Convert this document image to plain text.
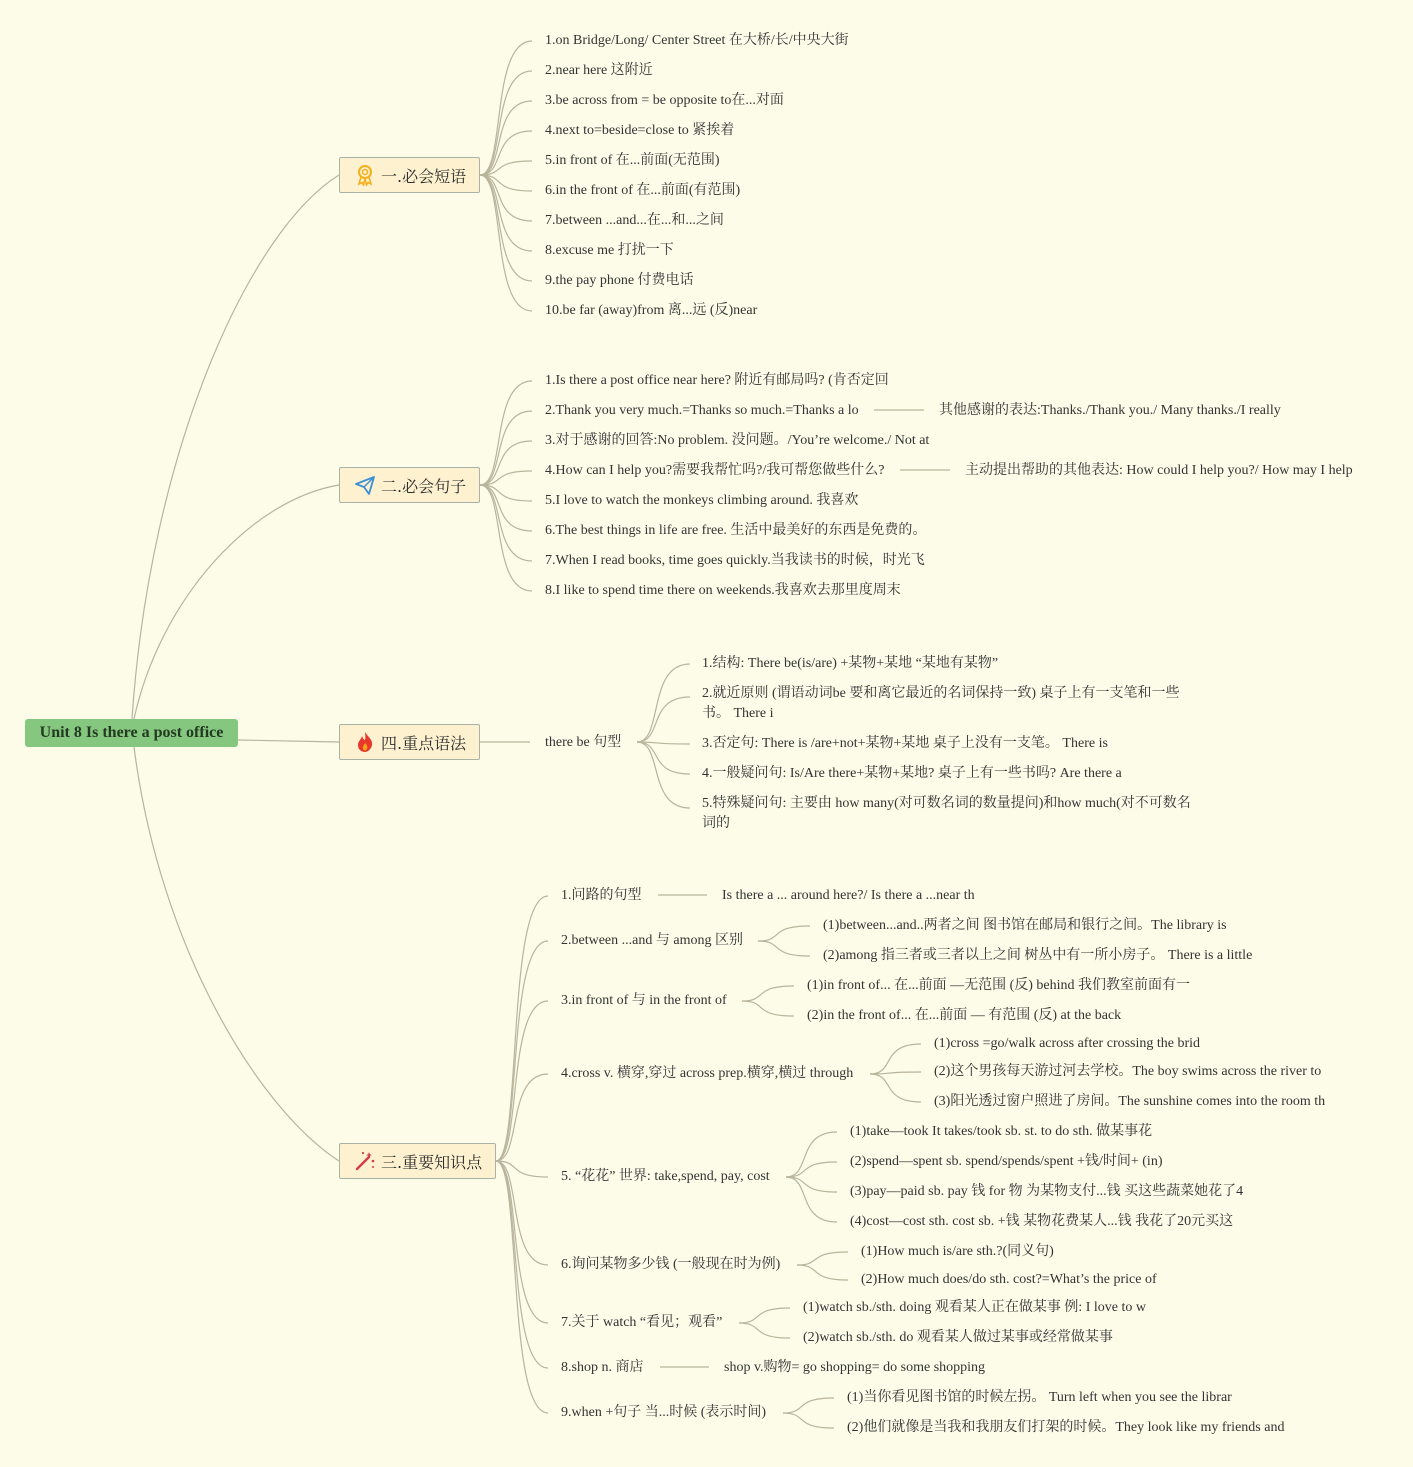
Unit 8 Is there a post office
一.必会短语
二.必会句子
四.重点语法
三.重要知识点
1.on Bridge/Long/ Center Street 在大桥/长/中央大街
2.near here 这附近
3.be across from = be opposite to在...对面
4.next to=beside=close to 紧挨着
5.in front of 在...前面(无范围)
6.in the front of 在...前面(有范围)
7.between ...and...在...和...之间
8.excuse me 打扰一下
9.the pay phone 付费电话
10.be far (away)from 离...远 (反)near
1.Is there a post office near here? 附近有邮局吗? (肯否定回
2.Thank you very much.=Thanks so much.=Thanks a lo
3.对于感谢的回答:No problem. 没问题。/You’re welcome./ Not at
4.How can I help you?需要我帮忙吗?/我可帮您做些什么?
5.I love to watch the monkeys climbing around. 我喜欢
6.The best things in life are free. 生活中最美好的东西是免费的。
7.When I read books, time goes quickly.当我读书的时候，时光飞
8.I like to spend time there on weekends.我喜欢去那里度周末
其他感谢的表达:Thanks./Thank you./ Many thanks./I really
主动提出帮助的其他表达: How could I help you?/ How may I help
there be 句型
1.结构: There be(is/are) +某物+某地 “某地有某物”
2.就近原则 (谓语动词be 要和离它最近的名词保持一致) 桌子上有一支笔和一些书。 There i
3.否定句: There is /are+not+某物+某地 桌子上没有一支笔。 There is
4.一般疑问句: Is/Are there+某物+某地? 桌子上有一些书吗? Are there a
5.特殊疑问句: 主要由 how many(对可数名词的数量提问)和how much(对不可数名词的
1.问路的句型	Is there a ... around here?/ Is there a ...near th
2.between ...and 与 among 区别
(1)between...and..两者之间 图书馆在邮局和银行之间。The library is
(2)among 指三者或三者以上之间 树丛中有一所小房子。 There is a little
3.in front of 与 in the front of
(1)in front of... 在...前面 —无范围 (反) behind 我们教室前面有一
(2)in the front of... 在...前面 — 有范围 (反) at the back
4.cross v. 横穿,穿过 across prep.横穿,横过 through
(1)cross =go/walk across after crossing the brid
(2)这个男孩每天游过河去学校。The boy swims across the river to
(3)阳光透过窗户照进了房间。The sunshine comes into the room th
5. “花花” 世界: take,spend, pay, cost
(1)take—took It takes/took sb. st. to do sth. 做某事花
(2)spend—spent sb. spend/spends/spent +钱/时间+ (in)
(3)pay—paid sb. pay 钱 for 物 为某物支付...钱 买这些蔬菜她花了4
(4)cost—cost sth. cost sb. +钱 某物花费某人...钱 我花了20元买这
6.询问某物多少钱 (一般现在时为例)
(1)How much is/are sth.?(同义句)
(2)How much does/do sth. cost?=What’s the price of
7.关于 watch “看见；观看”
(1)watch sb./sth. doing 观看某人正在做某事 例: I love to w
(2)watch sb./sth. do 观看某人做过某事或经常做某事
8.shop n. 商店	shop v.购物= go shopping= do some shopping
9.when +句子 当...时候 (表示时间)
(1)当你看见图书馆的时候左拐。 Turn left when you see the librar
(2)他们就像是当我和我朋友们打架的时候。They look like my friends and
